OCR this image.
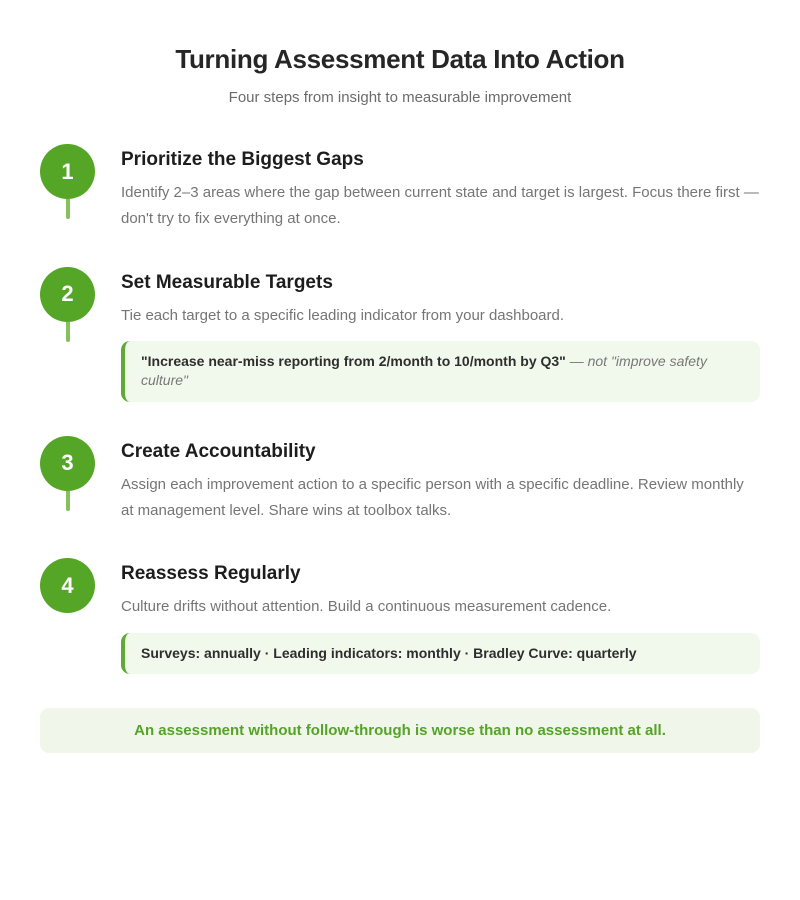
Turning Assessment Data Into Action

Four steps from insight to measurable improvement

1	Prioritize the Biggest Gaps

Identify 2–3 areas where the gap between current state and target is largest. Focus there first — don't try to fix everything at once.

2	Set Measurable Targets

Tie each target to a specific leading indicator from your dashboard.

"Increase near-miss reporting from 2/month to 10/month by Q3" — not "improve safety culture"
3	Create Accountability

Assign each improvement action to a specific person with a specific deadline. Review monthly at management level. Share wins at toolbox talks.

4	Reassess Regularly

Culture drifts without attention. Build a continuous measurement cadence.

Surveys: annually · Leading indicators: monthly · Bradley Curve: quarterly
An assessment without follow-through is worse than no assessment at all.
